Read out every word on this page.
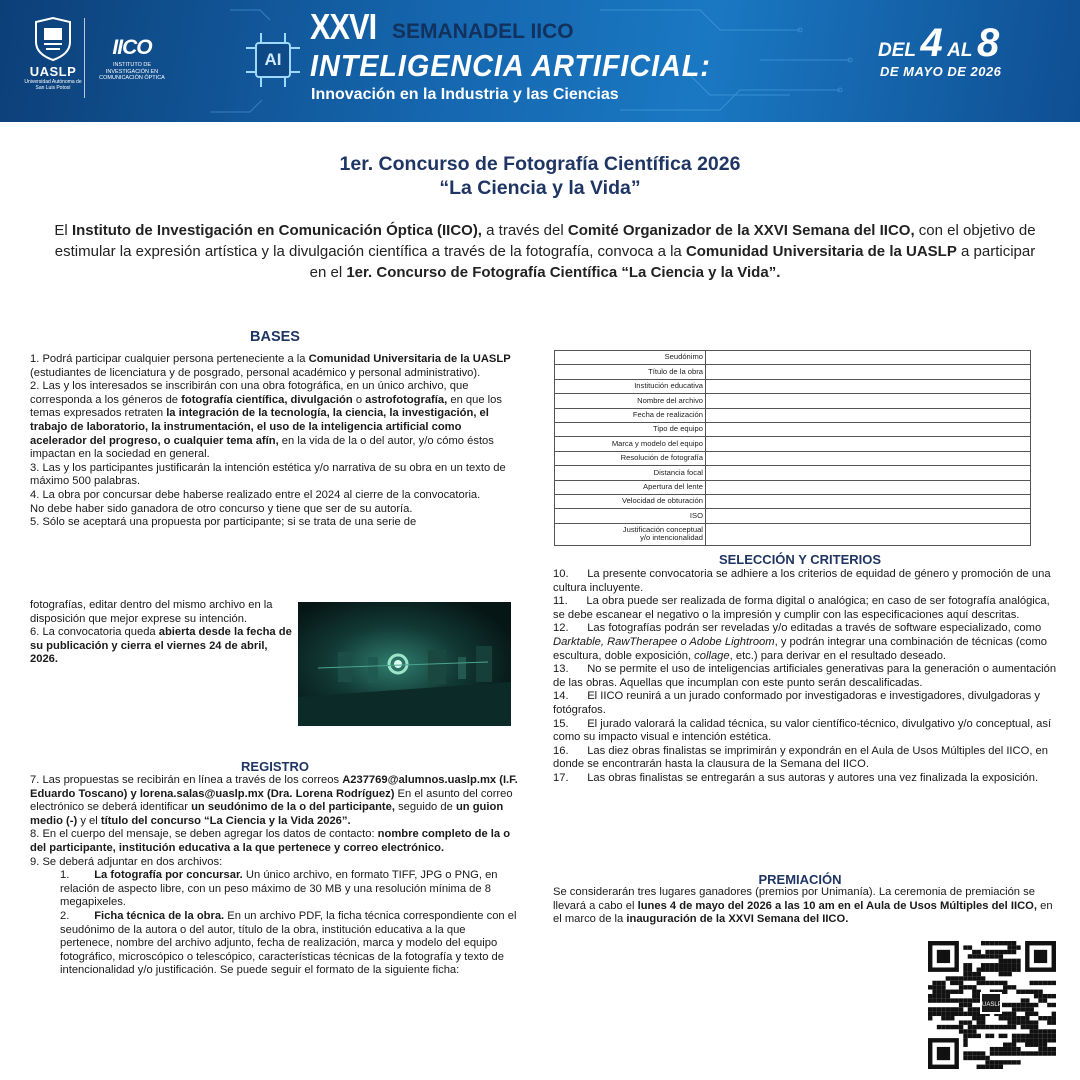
UASLP
Universidad Autónoma de San Luis Potosí
IICO
INSTITUTO DE INVESTIGACIÓN EN COMUNICACIÓN ÓPTICA
AI
XXVI SEMANADEL IICO
INTELIGENCIA ARTIFICIAL:
Innovación en la Industria y las Ciencias
DEL 4 AL 8
DE MAYO DE 2026
1er. Concurso de Fotografía Científica 2026
“La Ciencia y la Vida”
El Instituto de Investigación en Comunicación Óptica (IICO), a través del Comité Organizador de la XXVI Semana del IICO, con el objetivo de estimular la expresión artística y la divulgación científica a través de la fotografía, convoca a la Comunidad Universitaria de la UASLP a participar en el 1er. Concurso de Fotografía Científica “La Ciencia y la Vida”.
BASES

1. Podrá participar cualquier persona perteneciente a la Comunidad Universitaria de la UASLP (estudiantes de licenciatura y de posgrado, personal académico y personal administrativo).

2. Las y los interesados se inscribirán con una obra fotográfica, en un único archivo, que corresponda a los géneros de fotografía científica, divulgación o astrofotografía, en que los temas expresados retraten la integración de la tecnología, la ciencia, la investigación, el trabajo de laboratorio, la instrumentación, el uso de la inteligencia artificial como acelerador del progreso, o cualquier tema afín, en la vida de la o del autor, y/o cómo éstos impactan en la sociedad en general.

3. Las y los participantes justificarán la intención estética y/o narrativa de su obra en un texto de máximo 500 palabras.

4. La obra por concursar debe haberse realizado entre el 2024 al cierre de la convocatoria.

No debe haber sido ganadora de otro concurso y tiene que ser de su autoría.

5. Sólo se aceptará una propuesta por participante; si se trata de una serie de

fotografías, editar dentro del mismo archivo en la disposición que mejor exprese su intención.

6. La convocatoria queda abierta desde la fecha de su publicación y cierra el viernes 24 de abril, 2026.

REGISTRO

7. Las propuestas se recibirán en línea a través de los correos A237769@alumnos.uaslp.mx (I.F. Eduardo Toscano) y lorena.salas@uaslp.mx (Dra. Lorena Rodríguez) En el asunto del correo electrónico se deberá identificar un seudónimo de la o del participante, seguido de un guion medio (-) y el título del concurso “La Ciencia y la Vida 2026”.

8. En el cuerpo del mensaje, se deben agregar los datos de contacto: nombre completo de la o del participante, institución educativa a la que pertenece y correo electrónico.

9. Se deberá adjuntar en dos archivos:

1. La fotografía por concursar. Un único archivo, en formato TIFF, JPG o PNG, en relación de aspecto libre, con un peso máximo de 30 MB y una resolución mínima de 8 megapixeles.

2. Ficha técnica de la obra. En un archivo PDF, la ficha técnica correspondiente con el seudónimo de la autora o del autor, título de la obra, institución educativa a la que pertenece, nombre del archivo adjunto, fecha de realización, marca y modelo del equipo fotográfico, microscópico o telescópico, características técnicas de la fotografía y texto de intencionalidad y/o justificación. Se puede seguir el formato de la siguiente ficha:

Seudónimo	
Título de la obra	
Institución educativa	
Nombre del archivo	
Fecha de realización	
Tipo de equipo	
Marca y modelo del equipo	
Resolución de fotografía	
Distancia focal	
Apertura del lente	
Velocidad de obturación	
ISO	
Justificación conceptual
y/o intencionalidad	
SELECCIÓN Y CRITERIOS

10.      La presente convocatoria se adhiere a los criterios de equidad de género y promoción de una cultura incluyente.

11.      La obra puede ser realizada de forma digital o analógica; en caso de ser fotografía analógica, se debe escanear el negativo o la impresión y cumplir con las especificaciones aquí descritas.

12.      Las fotografías podrán ser reveladas y/o editadas a través de software especializado, como Darktable, RawTherapee o Adobe Lightroom, y podrán integrar una combinación de técnicas (como escultura, doble exposición, collage, etc.) para derivar en el resultado deseado.

13.      No se permite el uso de inteligencias artificiales generativas para la generación o aumentación de las obras. Aquellas que incumplan con este punto serán descalificadas.

14.      El IICO reunirá a un jurado conformado por investigadoras e investigadores, divulgadoras y fotógrafos.

15.      El jurado valorará la calidad técnica, su valor científico-técnico, divulgativo y/o conceptual, así como su impacto visual e intención estética.

16.      Las diez obras finalistas se imprimirán y expondrán en el Aula de Usos Múltiples del IICO, en donde se encontrarán hasta la clausura de la Semana del IICO.

17.      Las obras finalistas se entregarán a sus autoras y autores una vez finalizada la exposición.

PREMIACIÓN

Se considerarán tres lugares ganadores (premios por Unimanía). La ceremonia de premiación se llevará a cabo el lunes 4 de mayo del 2026 a las 10 am en el Aula de Usos Múltiples del IICO, en el marco de la inauguración de la XXVI Semana del IICO.

UASLP
